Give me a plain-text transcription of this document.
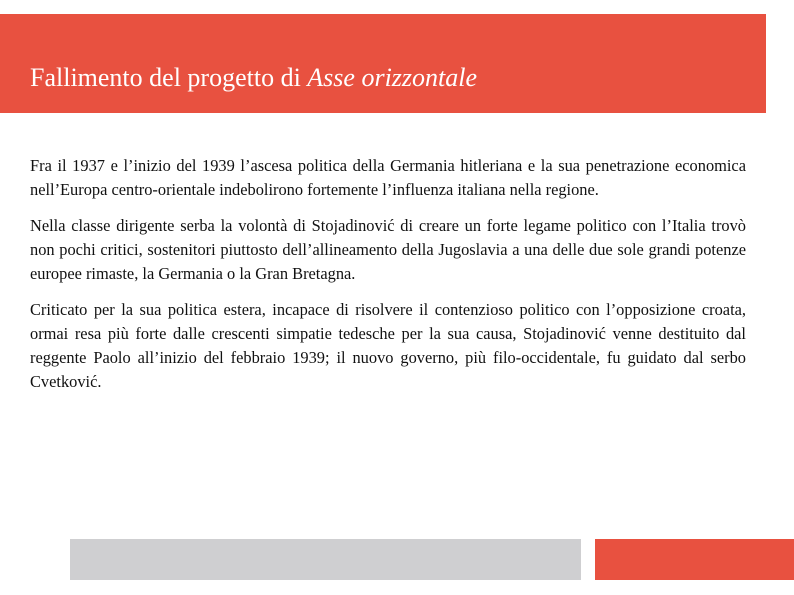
Fallimento del progetto di Asse orizzontale

Fra il 1937 e l’inizio del 1939 l’ascesa politica della Germania hitleriana e la sua penetrazione economica nell’Europa centro-orientale indebolirono fortemente l’influenza italiana nella regione.

Nella classe dirigente serba la volontà di Stojadinović di creare un forte legame politico con l’Italia trovò non pochi critici, sostenitori piuttosto dell’allineamento della Jugoslavia a una delle due sole grandi potenze europee rimaste, la Germania o la Gran Bretagna.

Criticato per la sua politica estera, incapace di risolvere il contenzioso politico con l’opposizione croata, ormai resa più forte dalle crescenti simpatie tedesche per la sua causa, Stojadinović venne destituito dal reggente Paolo all’inizio del febbraio 1939; il nuovo governo, più filo-occidentale, fu guidato dal serbo Cvetković.
